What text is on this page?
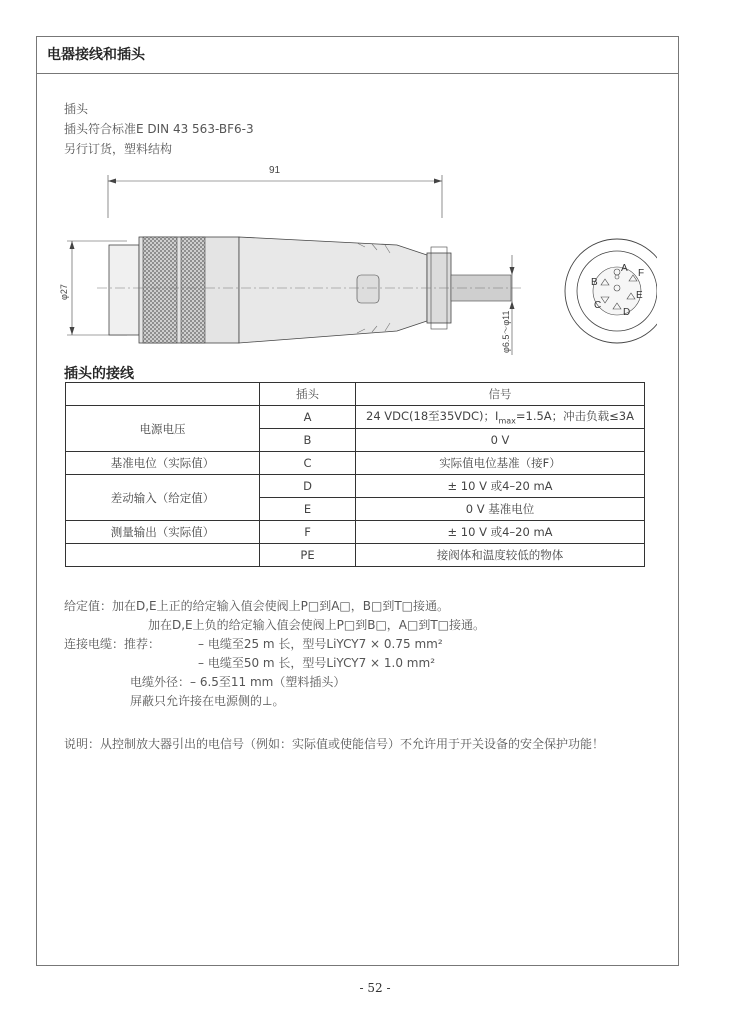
电器接线和插头
插头
插头符合标准E DIN 43 563-BF6-3
另行订货，塑料结构
91
φ27
φ6.5～φ11
A F
B
E
C
D
插头的接线
	插头	信号
电源电压	A	24 VDC(18至35VDC)；$I_{max}=1.5A$；冲击负载≤3A
	B	0 V
基准电位（实际值）	C	实际值电位基准（接F）
差动输入（给定值）	D	± 10 V 或4–20 mA
	E	0 V 基准电位
测量输出（实际值）	F	± 10 V 或4–20 mA
	PE	接阀体和温度较低的物体
给定值：加在D,E上正的给定输入值会使阀上P□到A□，B□到T□接通。
加在D,E上负的给定输入值会使阀上P□到B□，A□到T□接通。
连接电缆：推荐：	– 电缆至25 m 长，型号LiYCY7 × 0.75 mm²
– 电缆至50 m 长，型号LiYCY7 × 1.0 mm²
电缆外径：– 6.5至11 mm（塑料插头）
屏蔽只允许接在电源侧的⊥。
说明：从控制放大器引出的电信号（例如：实际值或使能信号）不允许用于开关设备的安全保护功能！
- 52 -
